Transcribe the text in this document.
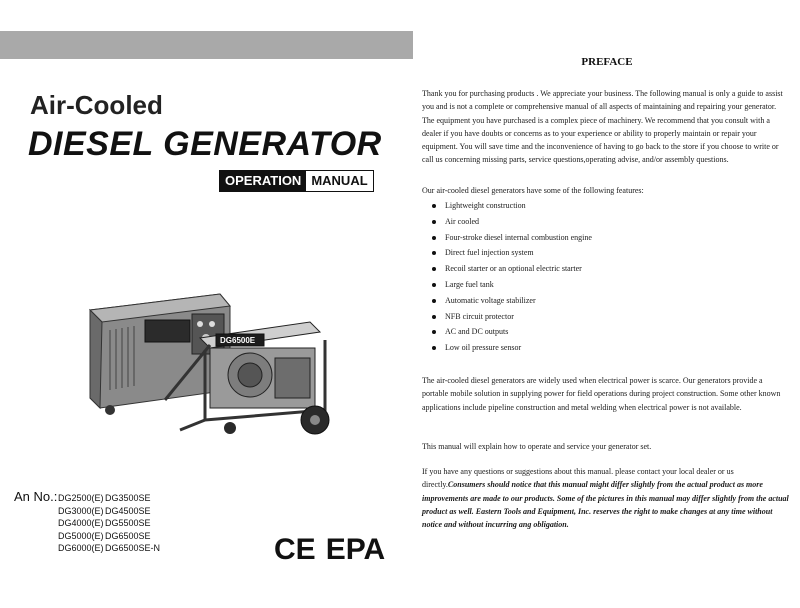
Air-Cooled
DIESEL GENERATOR
OPERATION MANUAL
DG6500E
An No.: DG2500(E) DG3500SE
DG3000(E) DG4500SE
DG4000(E) DG5500SE
DG5000(E) DG6500SE
DG6000(E) DG6500SE-N	CE EPA
PREFACE
Thank you for purchasing products . We appreciate your business. The following manual is only a guide to assist you and is not a complete or comprehensive manual of all aspects of maintaining and repairing your generator. The equipment you have purchased is a complex piece of machinery. We recommend that you consult with a dealer if you have doubts or concerns as to your experience or ability to properly maintain or repair your equipment. You will save time and the inconvenience of having to go back to the store if you choose to write or call us concerning missing parts, service questions,operating advise, and/or assembly questions.
Our air-cooled diesel generators have some of the following features:
Lightweight construction
Air cooled
Four-stroke diesel internal combustion engine
Direct fuel injection system
Recoil starter or an optional electric starter
Large fuel tank
Automatic voltage stabilizer
NFB circuit protector
AC and DC outputs
Low oil pressure sensor
The air-cooled diesel generators are widely used when electrical power is scarce. Our generators provide a portable mobile solution in supplying power for field operations during project construction. Some other known applications include pipeline construction and metal welding when electrical power is not available.
This manual will explain how to operate and service your generator set.
If you have any questions or suggestions about this manual. please contact your local dealer or us directly.Consumers should notice that this manual might differ slightly from the actual product as more improvements are made to our products. Some of the pictures in this manual may differ slightly from the actual product as well. Eastern Tools and Equipment, Inc. reserves the right to make changes at any time without notice and without incurring ang obligation.
